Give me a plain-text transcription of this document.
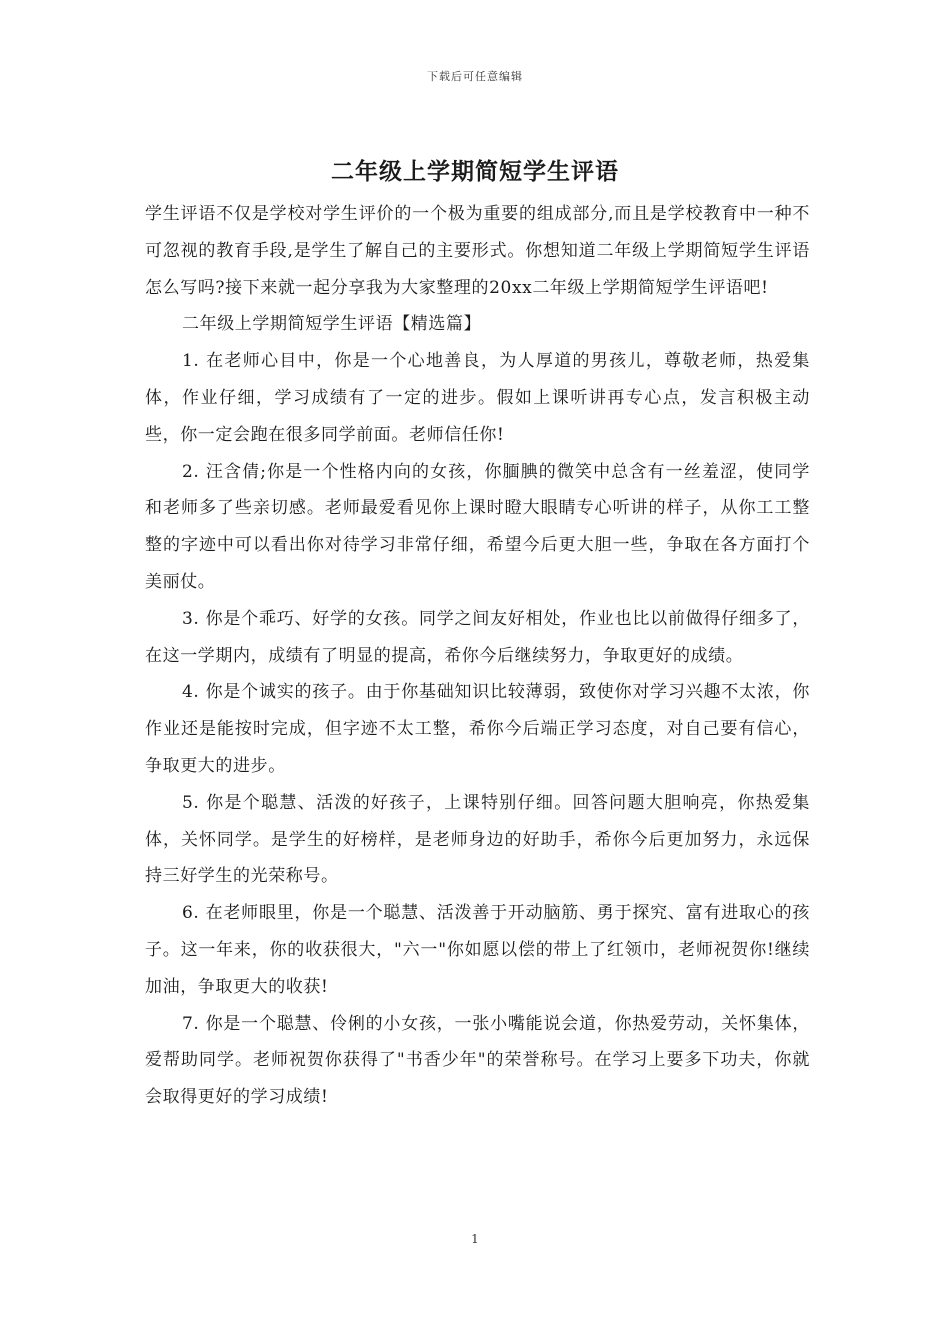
下载后可任意编辑
二年级上学期简短学生评语

学生评语不仅是学校对学生评价的一个极为重要的组成部分,而且是学校教育中一种不可忽视的教育手段,是学生了解自己的主要形式。你想知道二年级上学期简短学生评语怎么写吗?接下来就一起分享我为大家整理的20xx二年级上学期简短学生评语吧!

二年级上学期简短学生评语【精选篇】

1. 在老师心目中，你是一个心地善良，为人厚道的男孩儿，尊敬老师，热爱集体，作业仔细，学习成绩有了一定的进步。假如上课听讲再专心点，发言积极主动些，你一定会跑在很多同学前面。老师信任你!

2. 汪含倩;你是一个性格内向的女孩，你腼腆的微笑中总含有一丝羞涩，使同学和老师多了些亲切感。老师最爱看见你上课时瞪大眼睛专心听讲的样子，从你工工整整的字迹中可以看出你对待学习非常仔细，希望今后更大胆一些，争取在各方面打个美丽仗。

3. 你是个乖巧、好学的女孩。同学之间友好相处，作业也比以前做得仔细多了，在这一学期内，成绩有了明显的提高，希你今后继续努力，争取更好的成绩。

4. 你是个诚实的孩子。由于你基础知识比较薄弱，致使你对学习兴趣不太浓，你作业还是能按时完成，但字迹不太工整，希你今后端正学习态度，对自己要有信心，争取更大的进步。

5. 你是个聪慧、活泼的好孩子，上课特别仔细。回答问题大胆响亮，你热爱集体，关怀同学。是学生的好榜样，是老师身边的好助手，希你今后更加努力，永远保持三好学生的光荣称号。

6. 在老师眼里，你是一个聪慧、活泼善于开动脑筋、勇于探究、富有进取心的孩子。这一年来，你的收获很大，"六一"你如愿以偿的带上了红领巾，老师祝贺你!继续加油，争取更大的收获!

7. 你是一个聪慧、伶俐的小女孩，一张小嘴能说会道，你热爱劳动，关怀集体，爱帮助同学。老师祝贺你获得了"书香少年"的荣誉称号。在学习上要多下功夫，你就会取得更好的学习成绩!

1
